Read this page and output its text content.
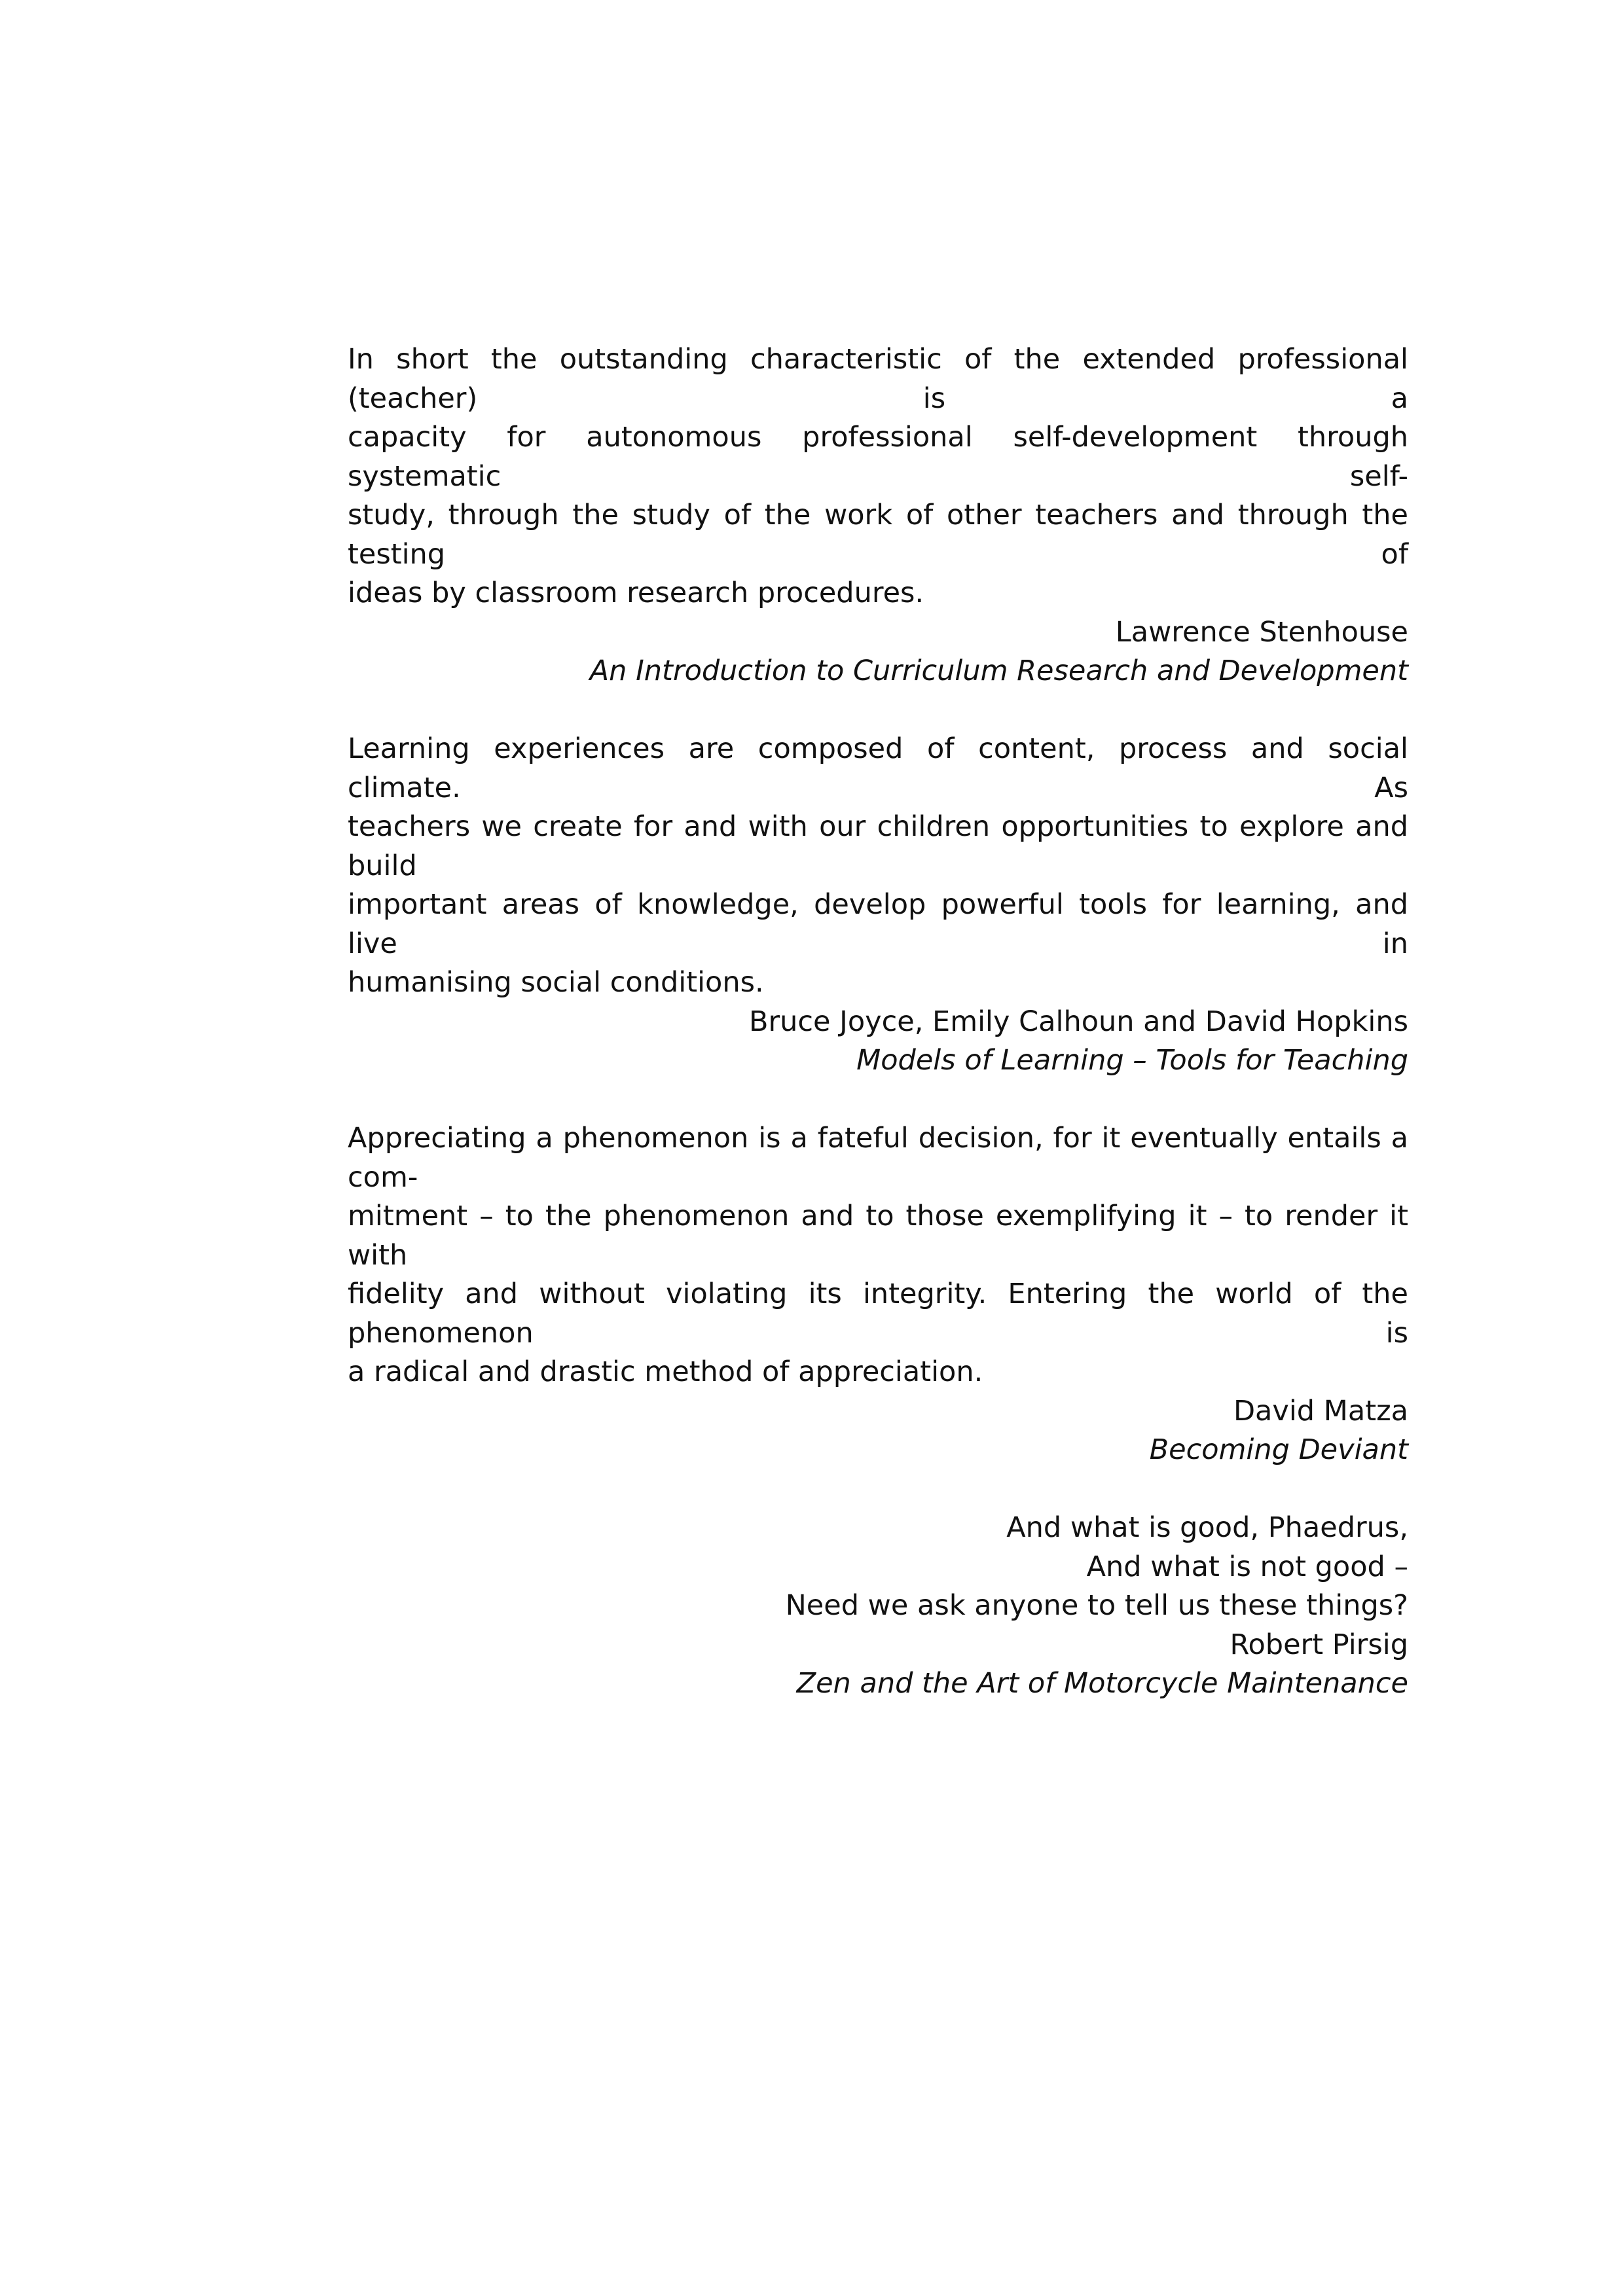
In short the outstanding characteristic of the extended professional (teacher) is a
capacity for autonomous professional self-development through systematic self-
study, through the study of the work of other teachers and through the testing of
ideas by classroom research procedures.

Lawrence Stenhouse
An Introduction to Curriculum Research and Development

Learning experiences are composed of content, process and social climate. As
teachers we create for and with our children opportunities to explore and build
important areas of knowledge, develop powerful tools for learning, and live in
humanising social conditions.

Bruce Joyce, Emily Calhoun and David Hopkins
Models of Learning – Tools for Teaching

Appreciating a phenomenon is a fateful decision, for it eventually entails a com-
mitment – to the phenomenon and to those exemplifying it – to render it with
fidelity and without violating its integrity. Entering the world of the phenomenon is
a radical and drastic method of appreciation.

David Matza
Becoming Deviant

And what is good, Phaedrus,
And what is not good –
Need we ask anyone to tell us these things?
Robert Pirsig
Zen and the Art of Motorcycle Maintenance
